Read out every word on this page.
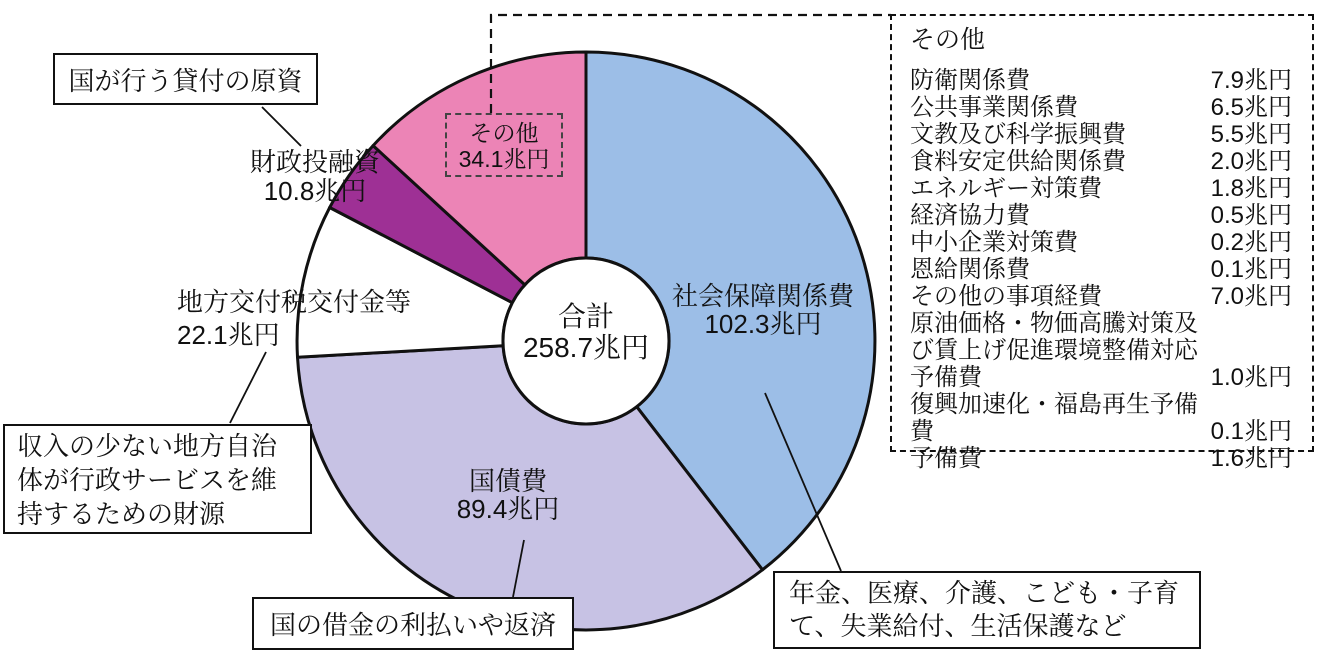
合計
258.7兆円
社会保障関係費
102.3兆円
国債費
89.4兆円
地方交付税交付金等
22.1兆円
財政投融資
10.8兆円
その他
34.1兆円
国が行う貸付の原資
収入の少ない地方自治体が行政サービスを維持するための財源
国の借金の利払いや返済
年金、医療、介護、こども・子育て、失業給付、生活保護など
その他
防衛関係費	7.9兆円
公共事業関係費	6.5兆円
文教及び科学振興費	5.5兆円
食料安定供給関係費	2.0兆円
エネルギー対策費	1.8兆円
経済協力費	0.5兆円
中小企業対策費	0.2兆円
恩給関係費	0.1兆円
その他の事項経費	7.0兆円
原油価格・物価高騰対策及び賃上げ促進環境整備対応予備費	1.0兆円
復興加速化・福島再生予備費	0.1兆円
予備費	1.6兆円
